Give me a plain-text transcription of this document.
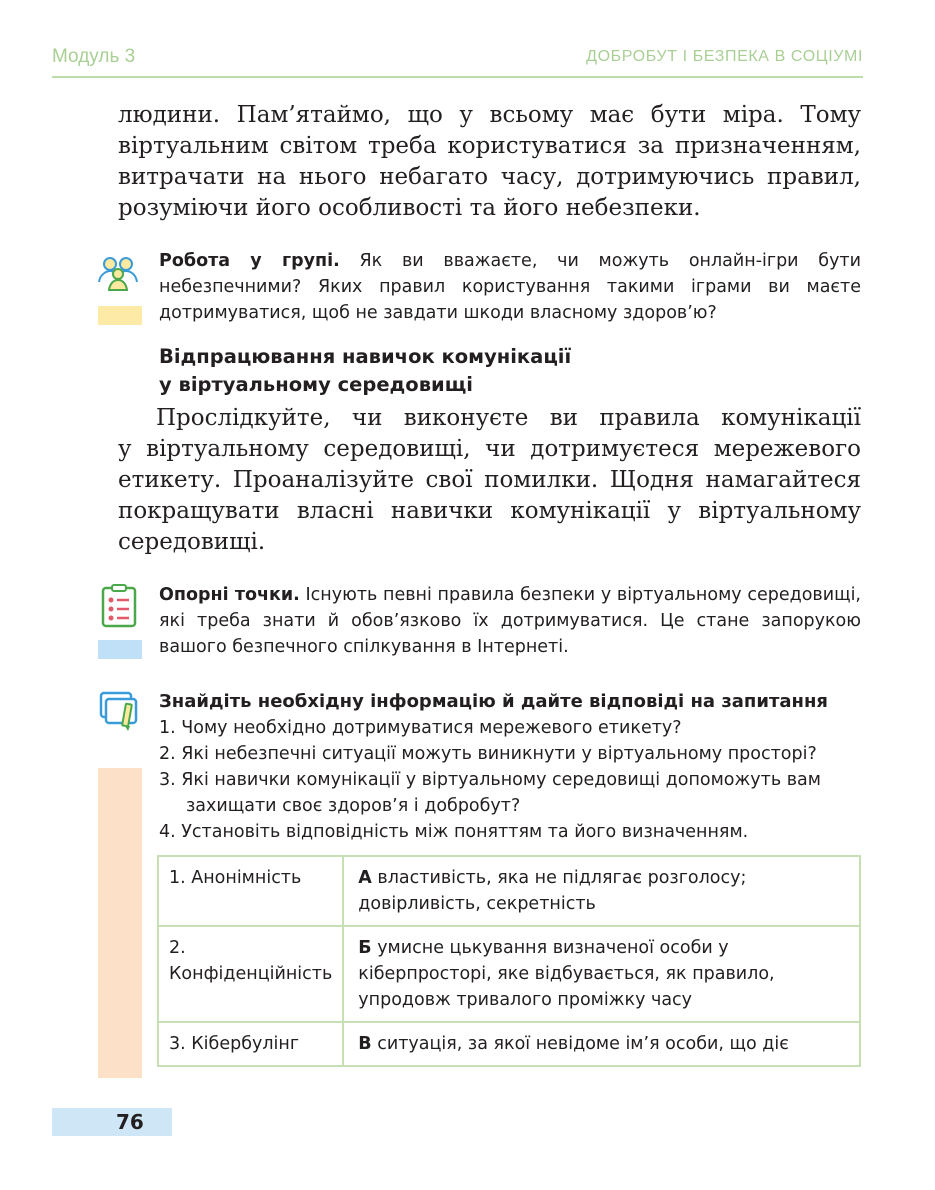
Модуль 3	ДОБРОБУТ І БЕЗПЕКА В СОЦІУМІ
людини. Пам’ятаймо, що у всьому має бути міра. Тому
віртуальним світом треба користуватися за призначенням,
витрачати на нього небагато часу, дотримуючись правил,
розуміючи його особливості та його небезпеки.
Робота у групі. Як ви вважаєте, чи можуть онлайн-ігри бути небезпечними? Яких правил користування такими іграми ви маєте дотримуватися, щоб не завдати шкоди власному здоров’ю?
Відпрацювання навичок комунікації
у віртуальному середовищі
Прослідкуйте, чи виконуєте ви правила комунікації
у віртуальному середовищі, чи дотримуєтеся мережевого
етикету. Проаналізуйте свої помилки. Щодня намагайтеся
покращувати власні навички комунікації у віртуальному
середовищі.
Опорні точки. Існують певні правила безпеки у віртуальному середовищі, які треба знати й обов’язково їх дотримуватися. Це стане запорукою вашого безпечного спілкування в Інтернеті.
Знайдіть необхідну інформацію й дайте відповіді на запитання
1. Чому необхідно дотримуватися мережевого етикету?
2. Які небезпечні ситуації можуть виникнути у віртуальному просторі?
3. Які навички комунікації у віртуальному середовищі допоможуть вам
захищати своє здоров’я і добробут?
4. Установіть відповідність між поняттям та його визначенням.
1. Анонімність	А властивість, яка не підлягає розголосу; довірливість, секретність
2. Конфіденційність	Б умисне цькування визначеної особи у кіберпросторі, яке відбувається, як правило, упродовж тривалого проміжку часу
3. Кібербулінг	В ситуація, за якої невідоме ім’я особи, що діє
76
